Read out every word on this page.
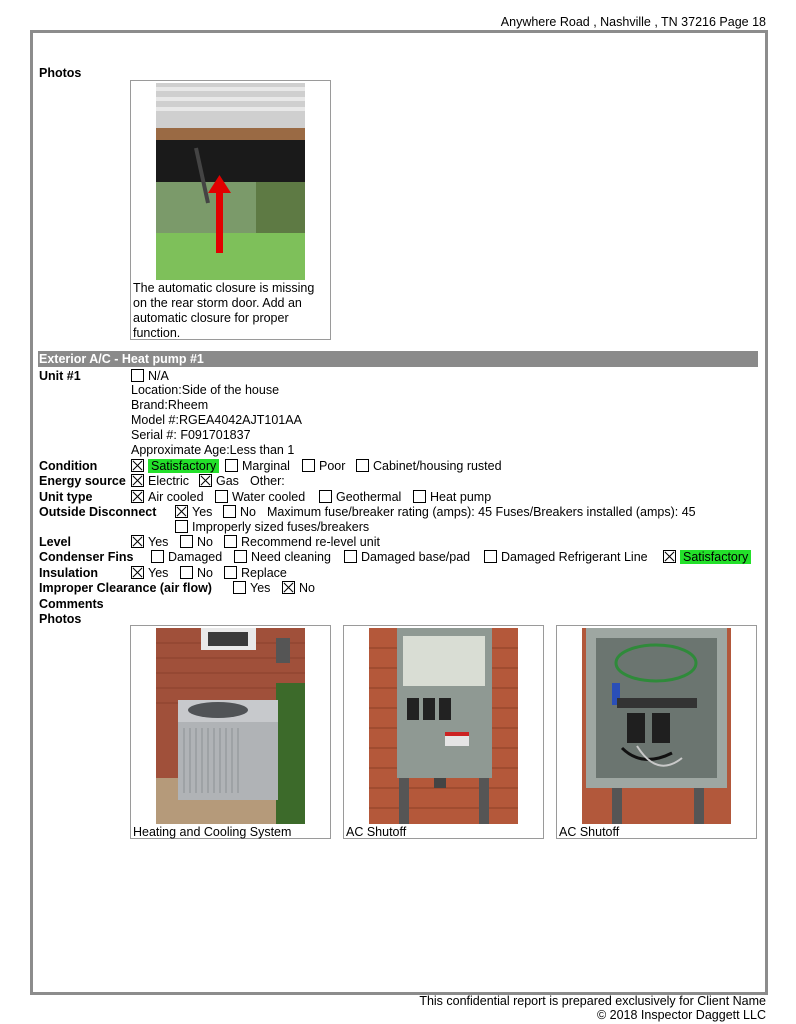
Anywhere Road , Nashville , TN 37216 Page 18
Photos
The automatic closure is missing on the rear storm door. Add an automatic closure for proper function.
Exterior A/C - Heat pump #1
Unit #1	N/A
Location:Side of the house
Brand:Rheem
Model #:RGEA4042AJT101AA
Serial #: F091701837
Approximate Age:Less than 1
Condition	Satisfactory Marginal Poor Cabinet/housing rusted
Energy source Electric Gas Other:
Unit type	Air cooled Water cooled Geothermal Heat pump
Outside Disconnect	Yes No Maximum fuse/breaker rating (amps): 45 Fuses/Breakers installed (amps): 45
Improperly sized fuses/breakers
Level	Yes No Recommend re-level unit
Condenser Fins	Damaged Need cleaning Damaged base/pad Damaged Refrigerant Line	Satisfactory
Insulation	Yes No Replace
Improper Clearance (air flow)	Yes No
Comments
Photos
Heating and Cooling System	AC Shutoff	AC Shutoff
This confidential report is prepared exclusively for Client Name
© 2018 Inspector Daggett LLC
